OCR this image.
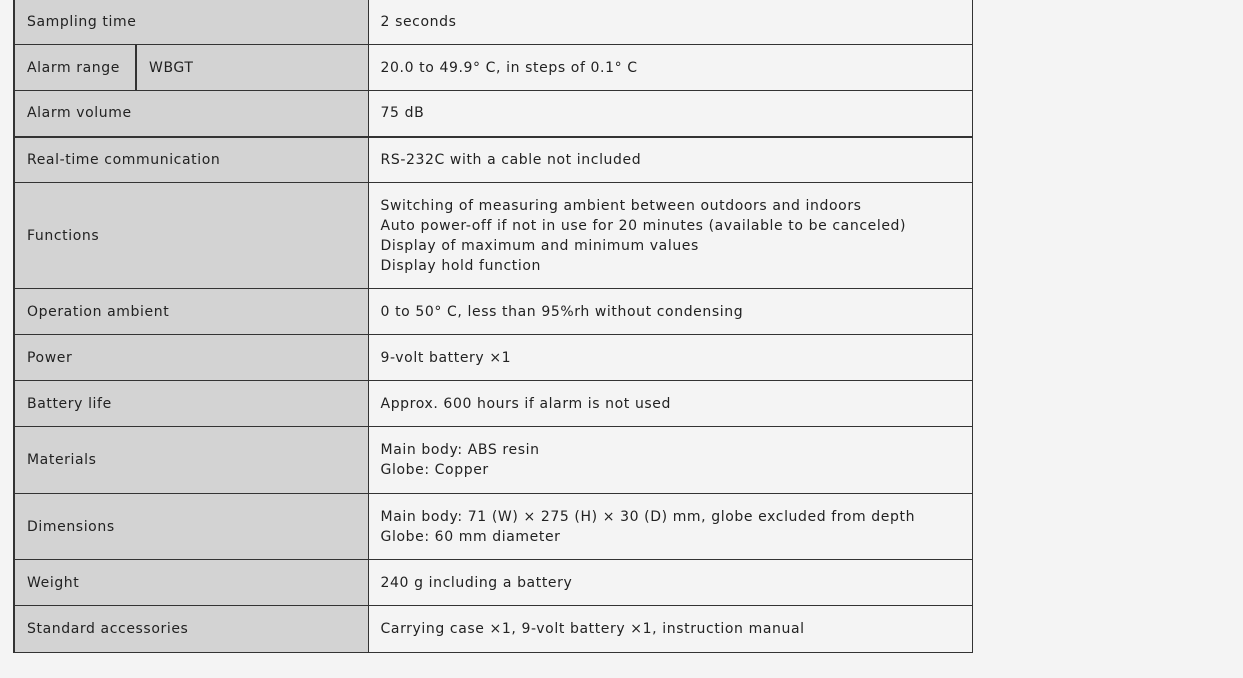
Sampling time		2 seconds

Alarm range	WBGT	20.0 to 49.9° C, in steps of 0.1° C

Alarm volume		75 dB

Real-time communication		RS-232C with a cable not included

Functions		Switching of measuring ambient between outdoors and indoors
Auto power-off if not in use for 20 minutes (available to be canceled)
Display of maximum and minimum values
Display hold function

Operation ambient		0 to 50° C, less than 95%rh without condensing

Power		9-volt battery ×1

Battery life		Approx. 600 hours if alarm is not used

Materials		Main body: ABS resin
Globe: Copper

Dimensions		Main body: 71 (W) × 275 (H) × 30 (D) mm, globe excluded from depth
Globe: 60 mm diameter

Weight		240 g including a battery

Standard accessories		Carrying case ×1, 9-volt battery ×1, instruction manual
